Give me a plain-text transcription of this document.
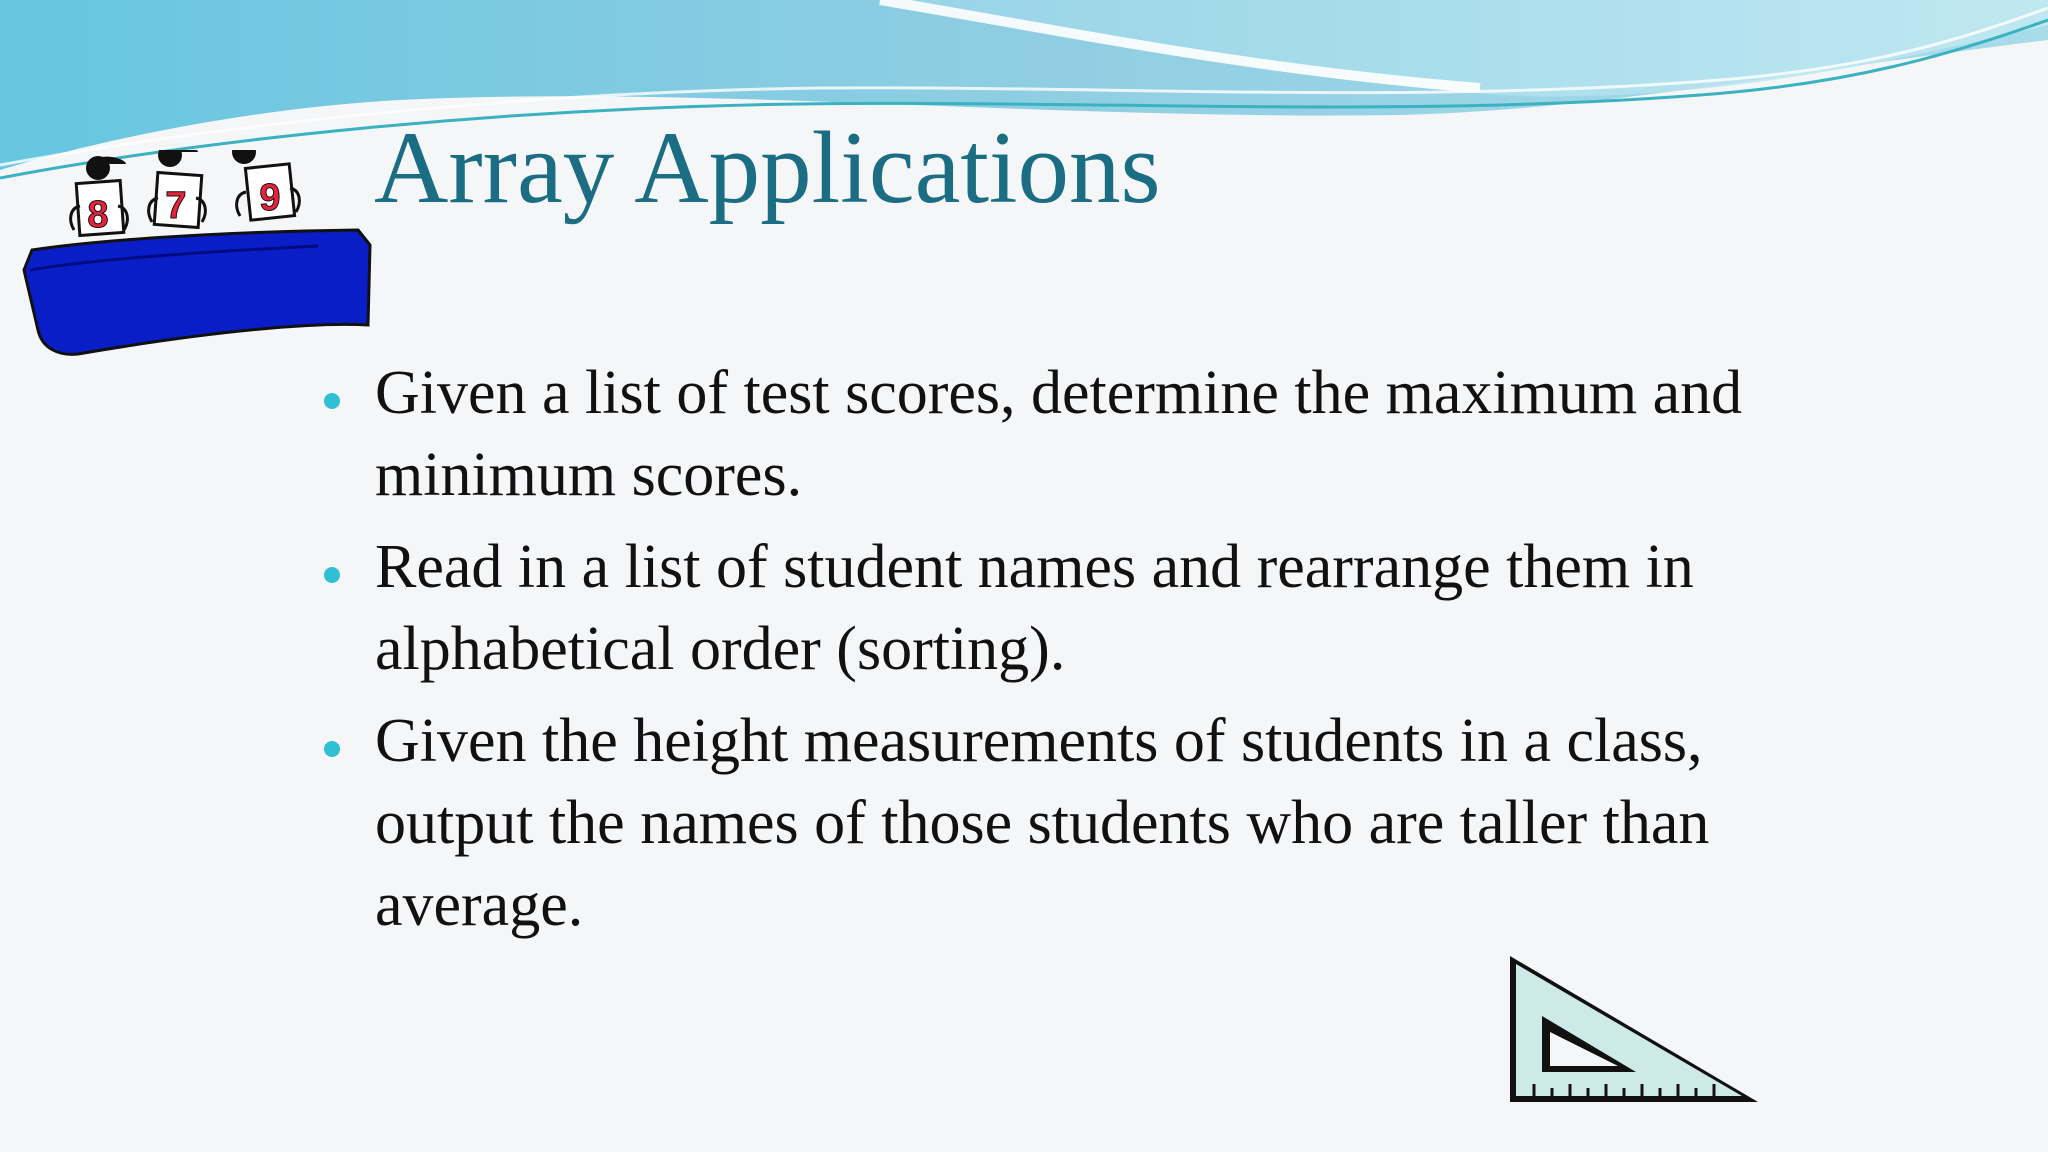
8 7 9 Array Applications
Given a list of test scores, determine the maximum and minimum scores.
Read in a list of student names and rearrange them in alphabetical order (sorting).
Given the height measurements of students in a class, output the names of those students who are taller than average.
